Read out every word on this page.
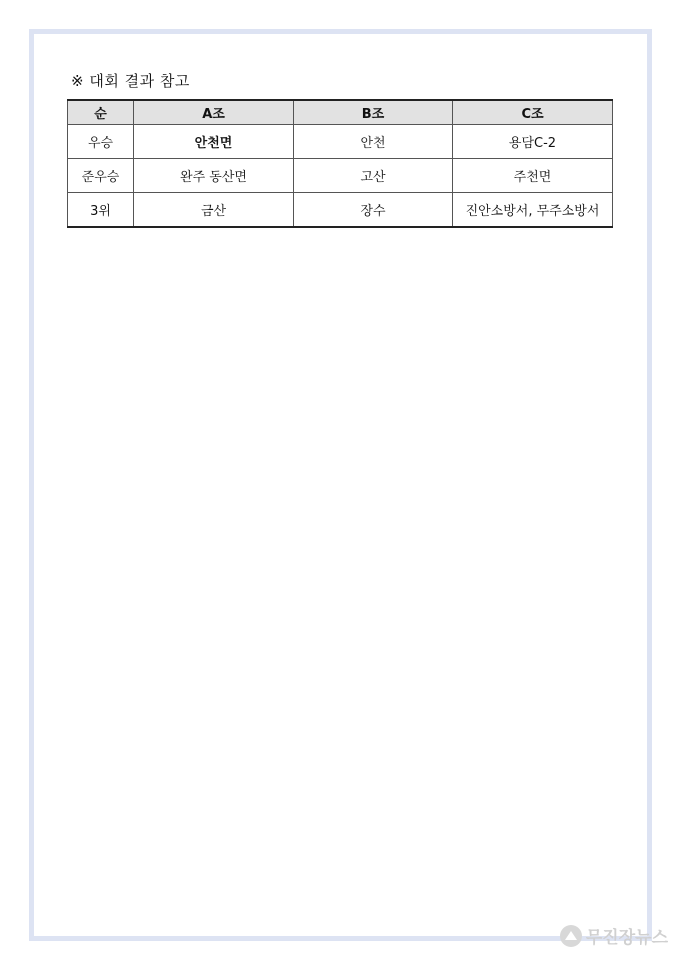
※ 대회 결과 참고
순	A조	B조	C조
우승	안천면	안천	용담C-2
준우승	완주 동산면	고산	주천면
3위	금산	장수	진안소방서, 무주소방서
무진장뉴스
